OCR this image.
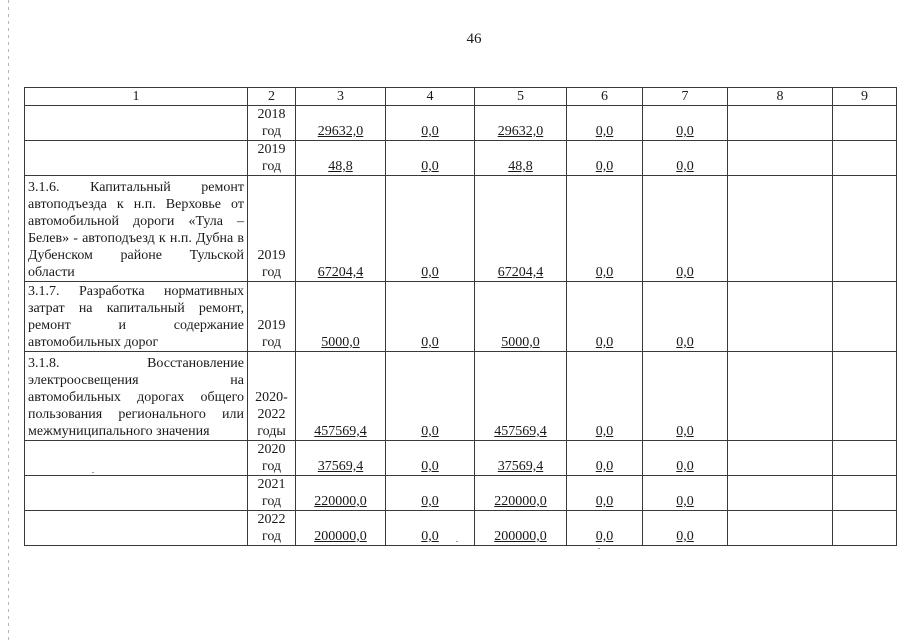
46
1	2	3	4	5	6	7	8	9
	2018 год	29632,0	0,0	29632,0	0,0	0,0		
	2019 год	48,8	0,0	48,8	0,0	0,0		
3.1.6. Капитальный ремонт автоподъезда к н.п. Верховье от автомобильной дороги «Тула – Белев» - автоподъезд к н.п. Дубна в Дубенском районе Тульской области	2019 год	67204,4	0,0	67204,4	0,0	0,0		
3.1.7. Разработка нормативных затрат на капитальный ремонт, ремонт и содержание автомобильных дорог	2019 год	5000,0	0,0	5000,0	0,0	0,0		
3.1.8. Восстановление электроосвещения на автомобильных дорогах общего пользования регионального или межмуниципального значения	2020-2022 годы	457569,4	0,0	457569,4	0,0	0,0		
	2020 год	37569,4	0,0	37569,4	0,0	0,0		
	2021 год	220000,0	0,0	220000,0	0,0	0,0		
	2022 год	200000,0	0,0	200000,0	0,0	0,0		
